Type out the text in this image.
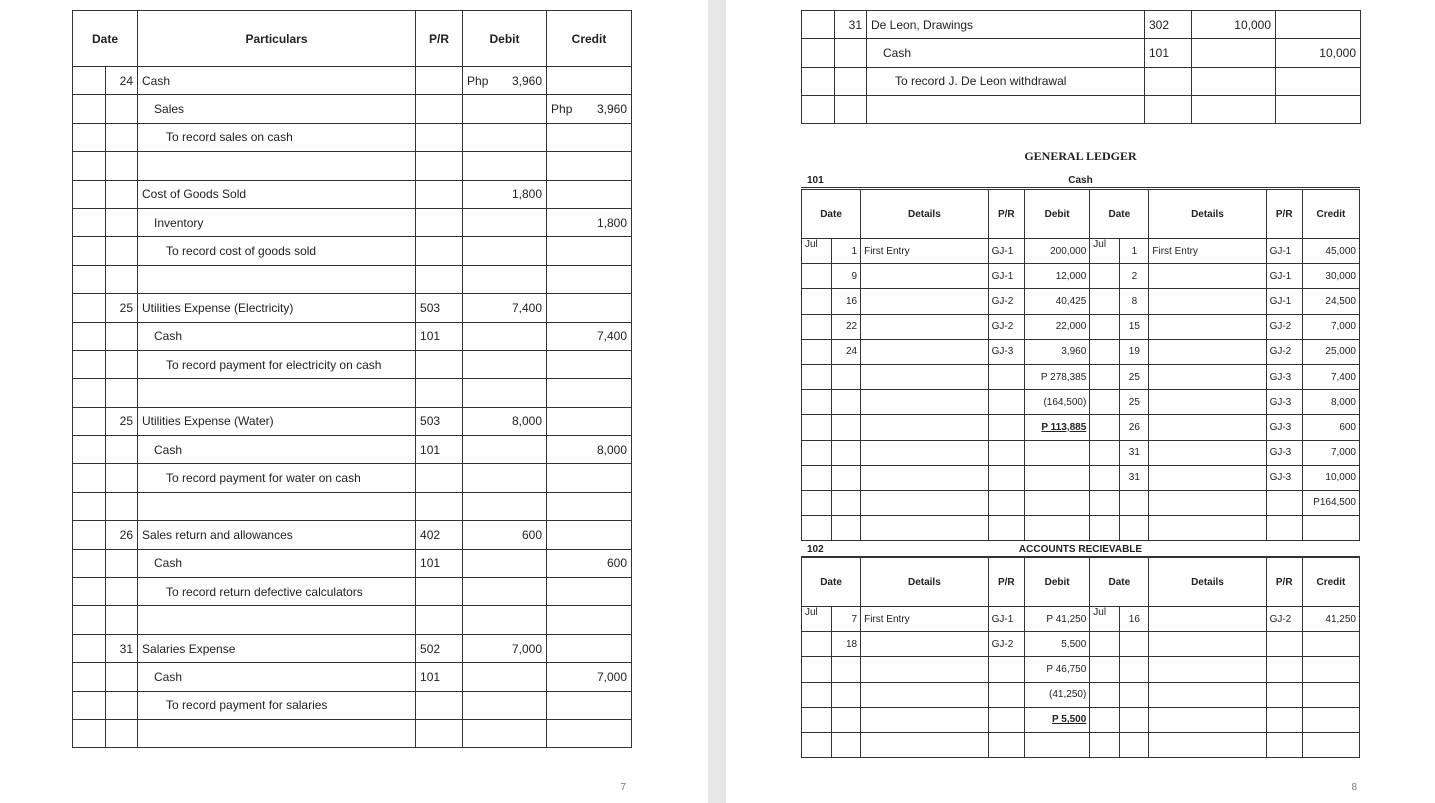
Date		Particulars	P/R	Debit	Credit
	24	Cash		Php 3,960	

		Sales			Php 3,960

		To record sales on cash			

		Cost of Goods Sold		1,800	
		Inventory			1,800
		To record cost of goods sold			

	25	Utilities Expense (Electricity)	503	7,400	
		Cash	101		7,400
		To record payment for electricity on cash			

	25	Utilities Expense (Water)	503	8,000	
		Cash	101		8,000
		To record payment for water on cash			

	26	Sales return and allowances	402	600	
		Cash	101		600
		To record return defective calculators			

	31	Salaries Expense	502	7,000	
		Cash	101		7,000
		To record payment for salaries			

7
	31	De Leon, Drawings	302	10,000	
		Cash	101		10,000
		To record J. De Leon withdrawal			

GENERAL LEDGER
101	Cash
Date		Details	P/R	Debit	Date		Details	P/R	Credit
Jul	1	First Entry	GJ-1	200,000	Jul	1	First Entry	GJ-1	45,000
	9		GJ-1	12,000		2		GJ-1	30,000
	16		GJ-2	40,425		8		GJ-1	24,500
	22		GJ-2	22,000		15		GJ-2	7,000
	24		GJ-3	3,960		19		GJ-2	25,000
				P 278,385		25		GJ-3	7,400
				(164,500)		25		GJ-3	8,000
				P 113,885		26		GJ-3	600
						31		GJ-3	7,000
						31		GJ-3	10,000
									P164,500

102	ACCOUNTS RECIEVABLE
Date		Details	P/R	Debit	Date		Details	P/R	Credit
Jul	7	First Entry	GJ-1	P 41,250	Jul	16		GJ-2	41,250
	18		GJ-2	5,500					
				P 46,750					
				(41,250)					
				P 5,500					

8
